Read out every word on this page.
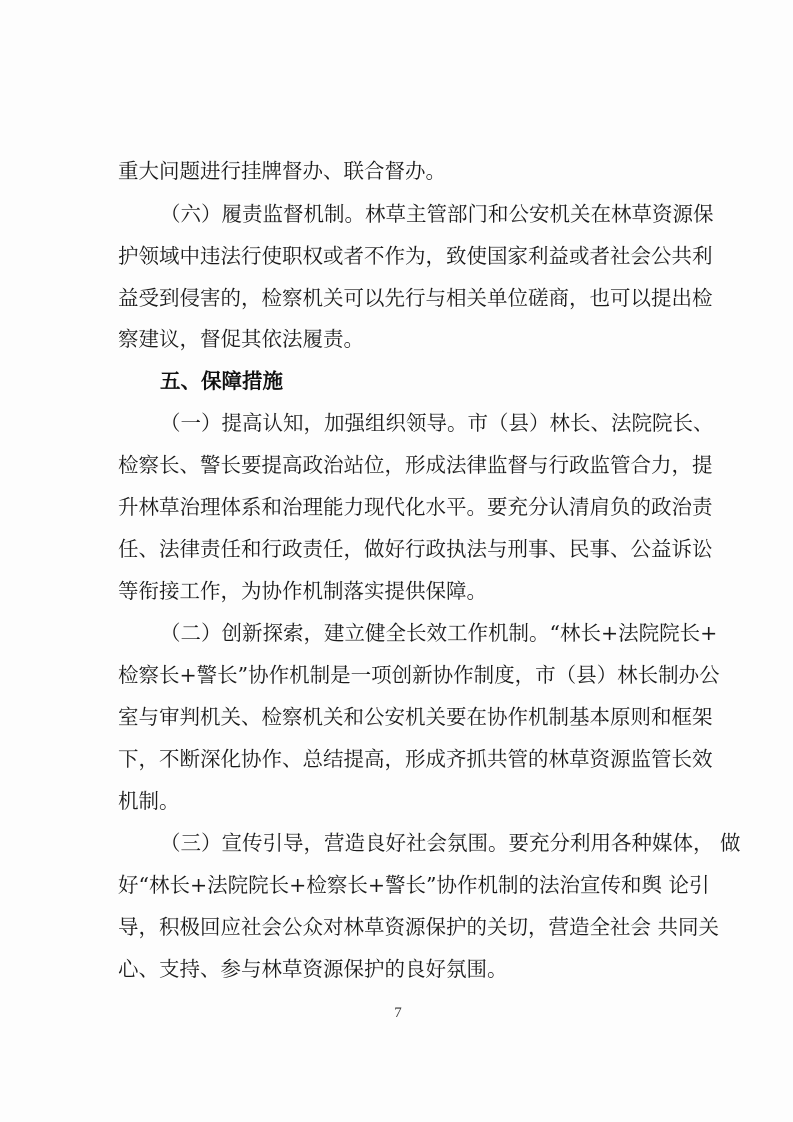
重大问题进行挂牌督办、联合督办。

（六）履责监督机制。林草主管部门和公安机关在林草资源保

护领域中违法行使职权或者不作为，致使国家利益或者社会公共利

益受到侵害的，检察机关可以先行与相关单位磋商，也可以提出检

察建议，督促其依法履责。

五、保障措施

（一）提高认知，加强组织领导。市（县）林长、法院院长、

检察长、警长要提高政治站位，形成法律监督与行政监管合力，提

升林草治理体系和治理能力现代化水平。要充分认清肩负的政治责

任、法律责任和行政责任，做好行政执法与刑事、民事、公益诉讼

等衔接工作，为协作机制落实提供保障。

（二）创新探索，建立健全长效工作机制。“林长+法院院长+

检察长+警长”协作机制是一项创新协作制度，市（县）林长制办公

室与审判机关、检察机关和公安机关要在协作机制基本原则和框架

下，不断深化协作、总结提高，形成齐抓共管的林草资源监管长效

机制。

（三）宣传引导，营造良好社会氛围。要充分利用各种媒体， 做

好“林长+法院院长+检察长+警长”协作机制的法治宣传和舆 论引

导，积极回应社会公众对林草资源保护的关切，营造全社会 共同关

心、支持、参与林草资源保护的良好氛围。

7
